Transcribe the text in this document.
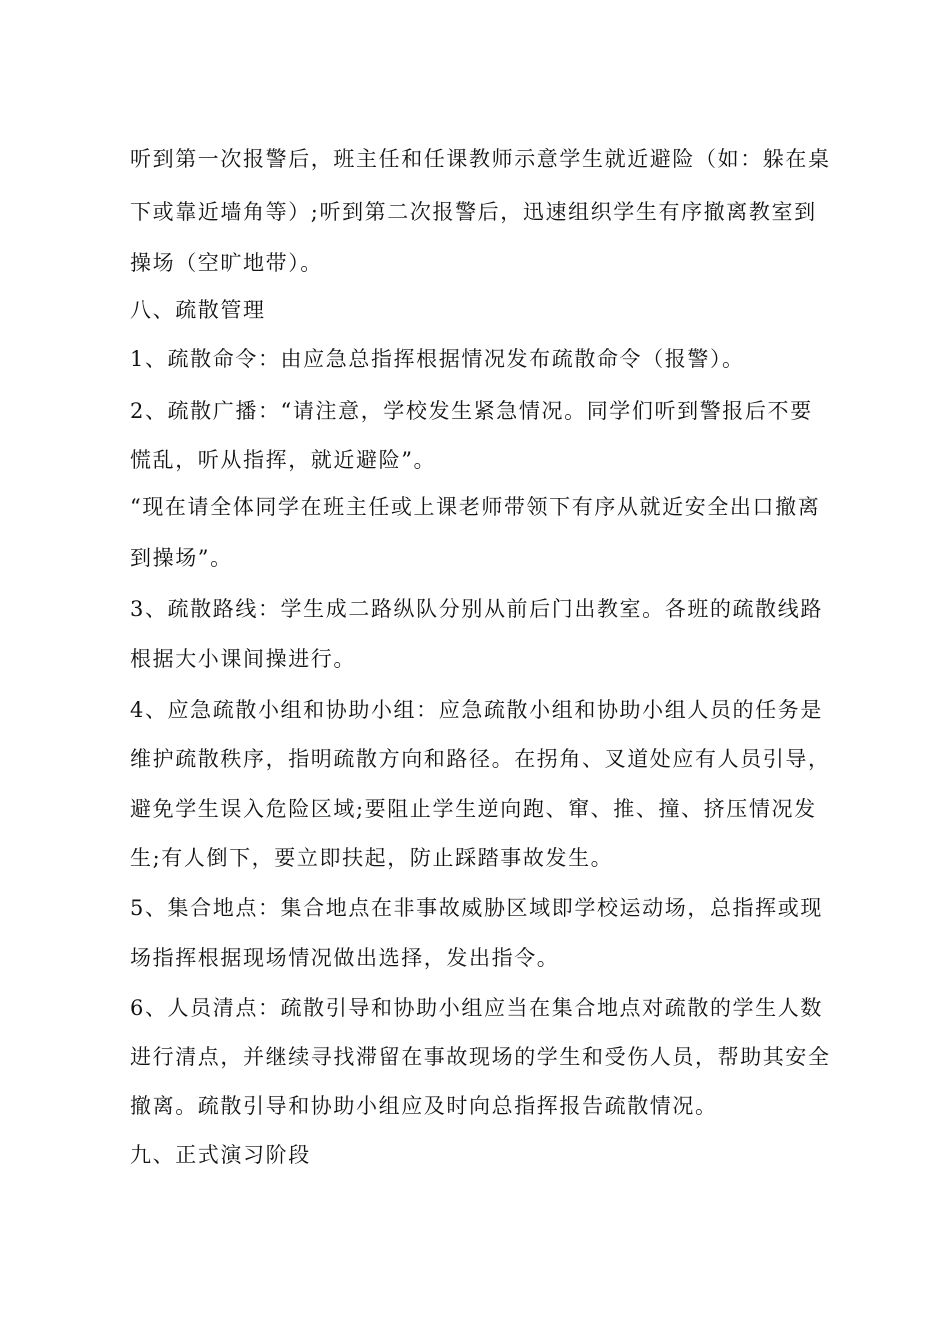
听到第一次报警后，班主任和任课教师示意学生就近避险（如：躲在桌
下或靠近墙角等）;听到第二次报警后，迅速组织学生有序撤离教室到
操场（空旷地带）。
八、疏散管理
1、疏散命令：由应急总指挥根据情况发布疏散命令（报警）。
2、疏散广播：“请注意，学校发生紧急情况。同学们听到警报后不要
慌乱，听从指挥，就近避险”。
“现在请全体同学在班主任或上课老师带领下有序从就近安全出口撤离
到操场”。
3、疏散路线：学生成二路纵队分别从前后门出教室。各班的疏散线路
根据大小课间操进行。
4、应急疏散小组和协助小组：应急疏散小组和协助小组人员的任务是
维护疏散秩序，指明疏散方向和路径。在拐角、叉道处应有人员引导，
避免学生误入危险区域;要阻止学生逆向跑、窜、推、撞、挤压情况发
生;有人倒下，要立即扶起，防止踩踏事故发生。
5、集合地点：集合地点在非事故威胁区域即学校运动场，总指挥或现
场指挥根据现场情况做出选择，发出指令。
6、人员清点：疏散引导和协助小组应当在集合地点对疏散的学生人数
进行清点，并继续寻找滞留在事故现场的学生和受伤人员，帮助其安全
撤离。疏散引导和协助小组应及时向总指挥报告疏散情况。
九、正式演习阶段
